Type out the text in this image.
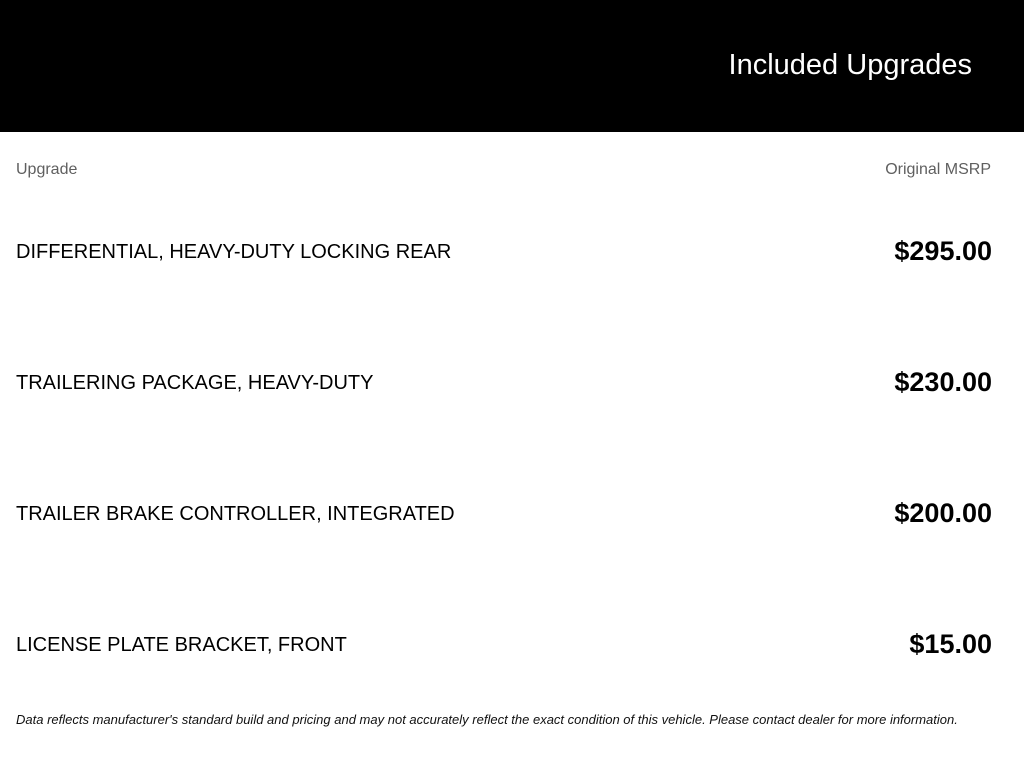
Included Upgrades
Upgrade	Original MSRP
DIFFERENTIAL, HEAVY-DUTY LOCKING REAR	$295.00
TRAILERING PACKAGE, HEAVY-DUTY	$230.00
TRAILER BRAKE CONTROLLER, INTEGRATED	$200.00
LICENSE PLATE BRACKET, FRONT	$15.00
Data reflects manufacturer's standard build and pricing and may not accurately reflect the exact condition of this vehicle. Please contact dealer for more information.
